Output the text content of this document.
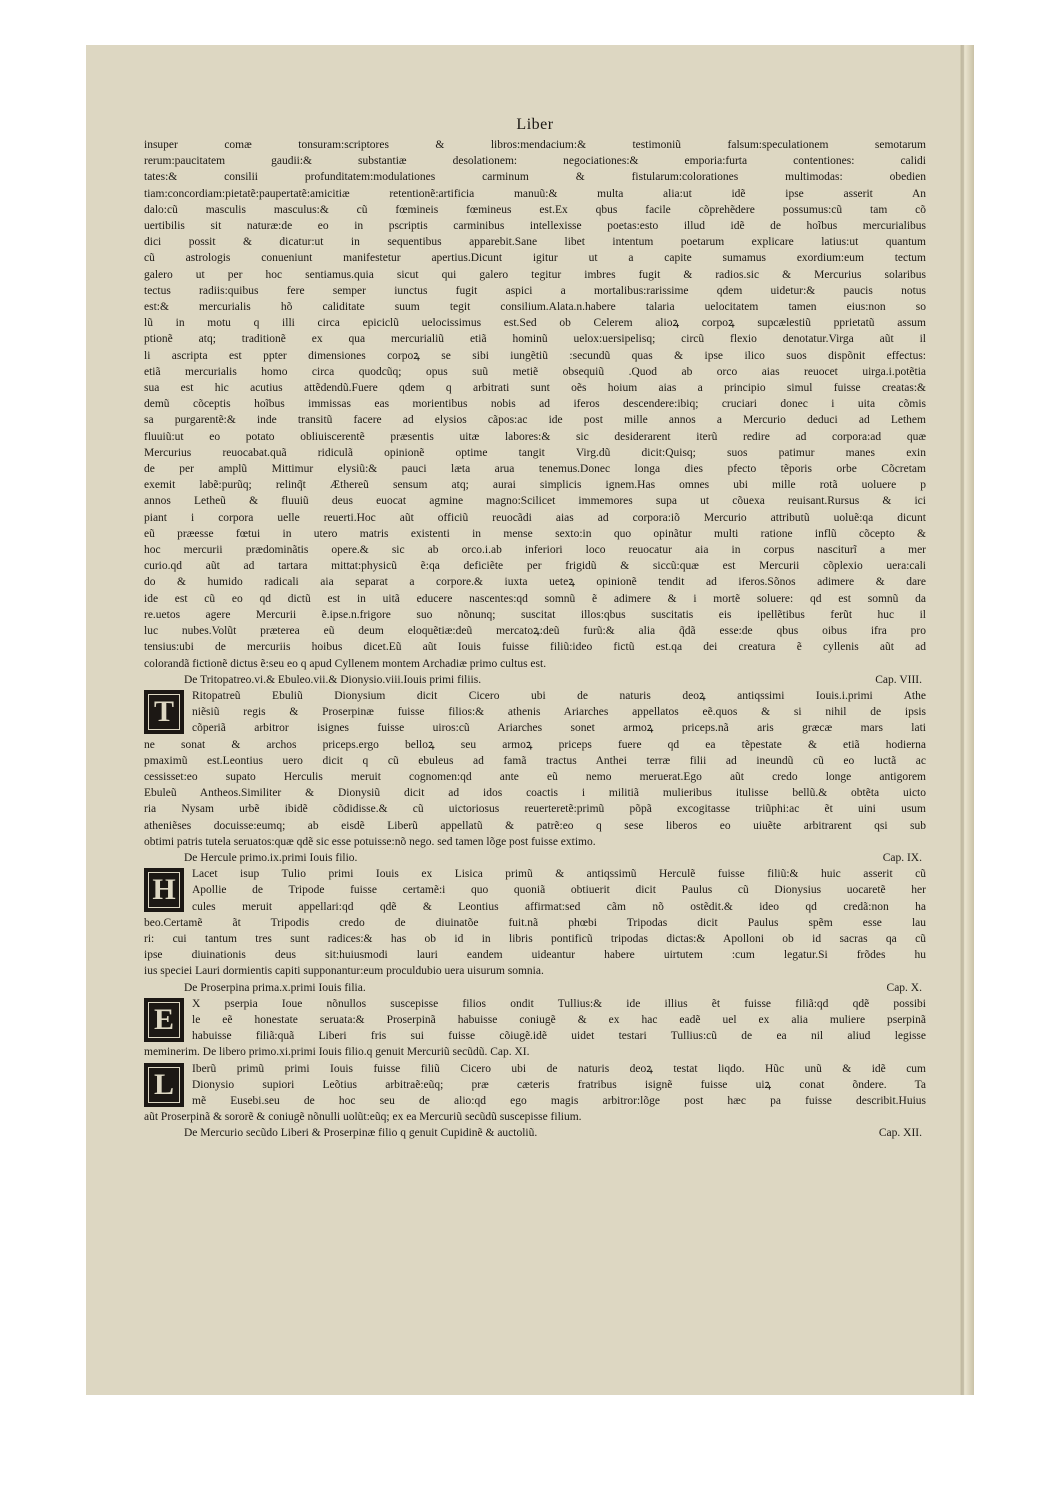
Liber
insuper comæ tonsuram:scriptores & libros:mendacium:& testimoniũ falsum:speculationem semotarum
rerum:paucitatem gaudii:& substantiæ desolationem: negociationes:& emporia:furta contentiones: calidi
tates:& consilii profunditatem:modulationes carminum & fistularum:colorationes multimodas: obedien
tiam:concordiam:pietatẽ:paupertatẽ:amicitiæ retentionẽ:artificia manuũ:& multa alia:ut idẽ ipse asserit An
dalo:cũ masculis masculus:& cũ fœmineis fœmineus est.Ex qbus facile cõprehẽdere possumus:cũ tam cõ
uertibilis sit naturæ:de eo in pscriptis carminibus intellexisse poetas:esto illud idẽ de hoĩbus mercurialibus
dici possit & dicatur:ut in sequentibus apparebit.Sane libet intentum poetarum explicare latius:ut quantum
cũ astrologis conueniunt manifestetur apertius.Dicunt igitur ut a capite sumamus exordium:eum tectum
galero ut per hoc sentiamus.quia sicut qui galero tegitur imbres fugit & radios.sic & Mercurius solaribus
tectus radiis:quibus fere semper iunctus fugit aspici a mortalibus:rarissime qdem uidetur:& paucis notus
est:& mercurialis hõ caliditate suum tegit consilium.Alata.n.habere talaria uelocitatem tamen eius:non so
lũ in motu q illi circa epiciclũ uelocissimus est.Sed ob Celerem alioꝝ corpoꝝ supcælestiũ pprietatũ assum
ptionẽ atq; traditionẽ ex qua mercurialiũ etiã hominũ uelox:uersipelisq; circũ flexio denotatur.Virga aũt il
li ascripta est ppter dimensiones corpoꝝ se sibi iungẽtiũ :secundũ quas & ipse ilico suos dispõnit effectus:
etiã mercurialis homo circa quodcũq; opus suũ metiẽ obsequiũ .Quod ab orco aias reuocet uirga.i.potẽtia
sua est hic acutius attẽdendũ.Fuere qdem q arbitrati sunt oẽs hoium aias a principio simul fuisse creatas:&
demũ cõceptis hoĩbus immissas eas morientibus nobis ad iferos descendere:ibiq; cruciari donec i uita cõmis
sa purgarentẽ:& inde transitũ facere ad elysios cãpos:ac ide post mille annos a Mercurio deduci ad Lethem
fluuiũ:ut eo potato obliuiscerentẽ præsentis uitæ labores:& sic desiderarent iterũ redire ad corpora:ad quæ
Mercurius reuocabat.quã ridiculã opinionẽ optime tangit Virg.dũ dicit:Quisq; suos patimur manes exin
de per amplũ Mittimur elysiũ:& pauci læta arua tenemus.Donec longa dies pfecto tẽporis orbe Cõcretam
exemit labẽ:purũq; relinq̃t Æthereũ sensum atq; aurai simplicis ignem.Has omnes ubi mille rotã uoluere p
annos Letheũ & fluuiũ deus euocat agmine magno:Scilicet immemores supa ut cõuexa reuisant.Rursus & ici
piant i corpora uelle reuerti.Hoc aũt officiũ reuocãdi aias ad corpora:iõ Mercurio attributũ uoluẽ:qa dicunt
eũ præesse fœtui in utero matris existenti in mense sexto:in quo opinãtur multi ratione inflũ cõcepto &
hoc mercurii prædominãtis opere.& sic ab orco.i.ab inferiori loco reuocatur aia in corpus nasciturĩ a mer
curio.qd aũt ad tartara mittat:physicũ ẽ:qa deficiẽte per frigidũ & siccũ:quæ est Mercurii cõplexio uera:cali
do & humido radicali aia separat a corpore.& iuxta ueteꝝ opinionẽ tendit ad iferos.Sõnos adimere & dare
ide est cũ eo qd dictũ est in uitã educere nascentes:qd somnũ ẽ adimere & i mortẽ soluere: qd est somnũ da
re.uetos agere Mercurii ẽ.ipse.n.frigore suo nõnunq; suscitat illos:qbus suscitatis eis ipellẽtibus ferũt huc il
luc nubes.Volũt præterea eũ deum eloquẽtiæ:deũ mercatoꝝ:deũ furũ:& alia q̃dã esse:de qbus oibus ifra pro
tensius:ubi de mercuriis hoibus dicet.Eũ aũt Iouis fuisse filiũ:ideo fictũ est.qa dei creatura ẽ cyllenis aũt ad
colorandã fictionẽ dictus ẽ:seu eo q apud Cyllenem montem Archadiæ primo cultus est.
De Tritopatreo.vi.& Ebuleo.vii.& Dionysio.viii.Iouis primi filiis.	Cap. VIII.
T	Ritopatreũ Ebuliũ Dionysium dicit Cicero ubi de naturis deoꝝ antiqssimi Iouis.i.primi Athe
niẽsiũ regis & Proserpinæ fuisse filios:& athenis Ariarches appellatos eẽ.quos & si nihil de ipsis
cõperiã arbitror isignes fuisse uiros:cũ Ariarches sonet armoꝝ priceps.nã aris græcæ mars lati
ne sonat & archos priceps.ergo belloꝝ seu armoꝝ priceps fuere qd ea tẽpestate & etiã hodierna
pmaximũ est.Leontius uero dicit q cũ ebuleus ad famã tractus Anthei terræ filii ad ineundũ cũ eo luctã ac
cessisset:eo supato Herculis meruit cognomen:qd ante eũ nemo meruerat.Ego aũt credo longe antigorem
Ebuleũ Antheos.Similiter & Dionysiũ dicit ad idos coactis i militiã mulieribus itulisse bellũ.& obtẽta uicto
ria Nysam urbẽ ibidẽ cõdidisse.& cũ uictoriosus reuerteretẽ:primũ põpã excogitasse triũphi:ac ẽt uini usum
atheniẽses docuisse:eumq; ab eisdẽ Liberũ appellatũ & patrẽ:eo q sese liberos eo uiuẽte arbitrarent qsi sub
obtimi patris tutela seruatos:quæ qdẽ sic esse potuisse:nõ nego. sed tamen lõge post fuisse extimo.
De Hercule primo.ix.primi Iouis filio.	Cap. IX.
H	Lacet isup Tulio primi Iouis ex Lisica primũ & antiqssimũ Herculẽ fuisse filiũ:& huic asserit cũ
Apollie de Tripode fuisse certamẽ:i quo quoniã obtiuerit dicit Paulus cũ Dionysius uocaretẽ her
cules meruit appellari:qd qdẽ & Leontius affirmat:sed cãm nõ ostẽdit.& ideo qd credã:non ha
beo.Certamẽ ãt Tripodis credo de diuinatõe fuit.nã phœbi Tripodas dicit Paulus spẽm esse lau
ri: cui tantum tres sunt radices:& has ob id in libris pontificũ tripodas dictas:& Apolloni ob id sacras qa cũ
ipse diuinationis deus sit:huiusmodi lauri eandem uideantur habere uirtutem :cum legatur.Si frõdes hu
ius speciei Lauri dormientis capiti supponantur:eum proculdubio uera uisurum somnia.
De Proserpina prima.x.primi Iouis filia.	Cap. X.
E	X pserpia Ioue nõnullos suscepisse filios ondit Tullius:& ide illius ẽt fuisse filiã:qd qdẽ possibi
le eẽ honestate seruata:& Proserpinã habuisse coniugẽ & ex hac eadẽ uel ex alia muliere pserpinã
habuisse filiã:quã Liberi fris sui fuisse cõiugẽ.idẽ uidet testari Tullius:cũ de ea nil aliud legisse
meminerim. De libero primo.xi.primi Iouis filio.q genuit Mercuriũ secũdũ. Cap. XI.
L	Iberũ primũ primi Iouis fuisse filiũ Cicero ubi de naturis deoꝝ testat liqdo. Hũc unũ & idẽ cum
Dionysio supiori Leõtius arbitraẽ:eũq; præ cæteris fratribus isignẽ fuisse uiꝝ conat õndere. Ta
mẽ Eusebi.seu de hoc seu de alio:qd ego magis arbitror:lõge post hæc pa fuisse describit.Huius
aũt Proserpinã & sororẽ & coniugẽ nõnulli uolũt:eũq; ex ea Mercuriũ secũdũ suscepisse filium.
De Mercurio secũdo Liberi & Proserpinæ filio q genuit Cupidinẽ & auctoliũ.	Cap. XII.
